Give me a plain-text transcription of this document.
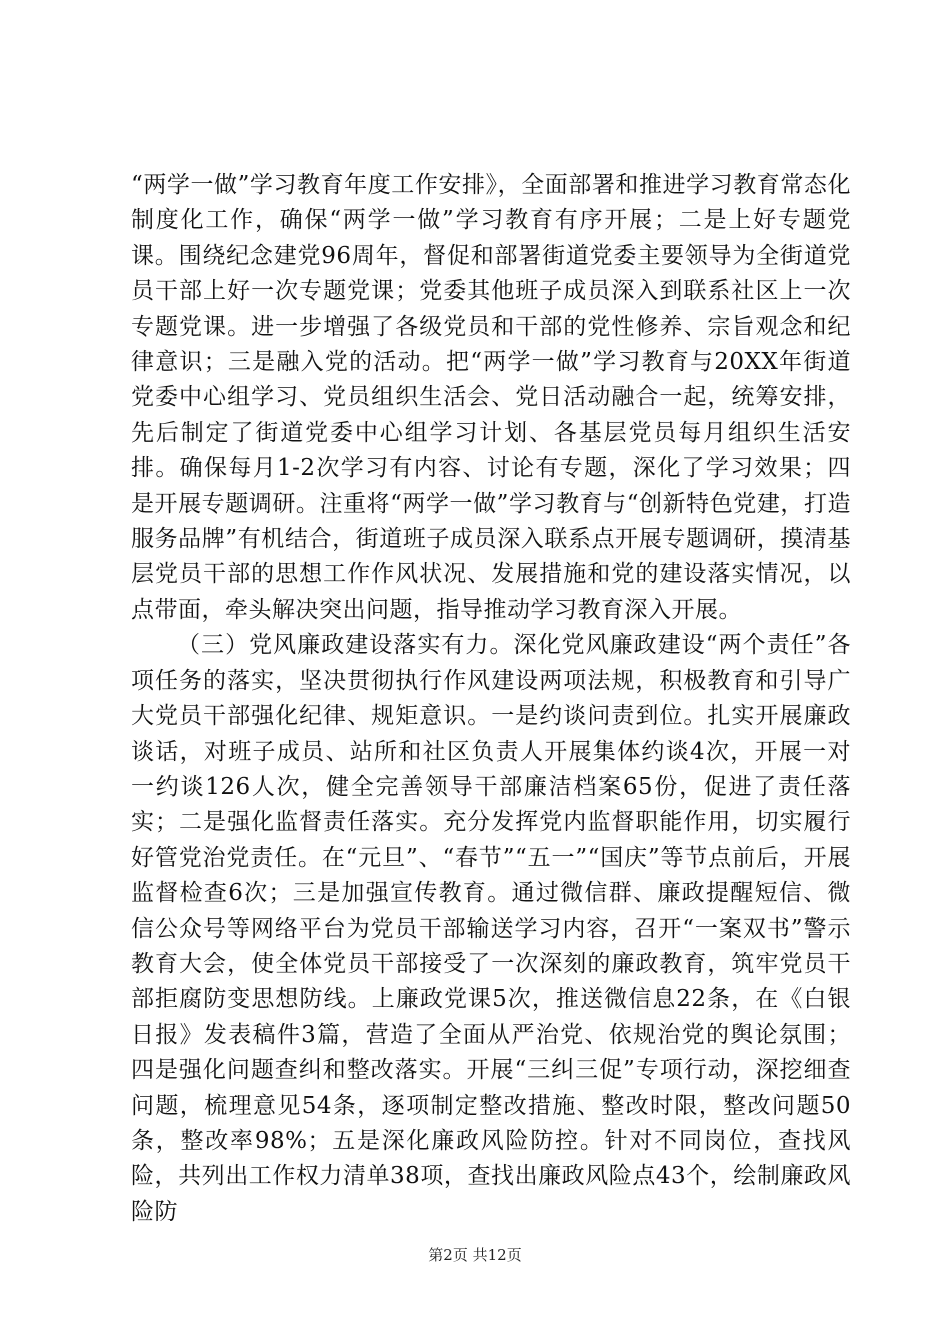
“两学一做”学习教育年度工作安排》，全面部署和推进学习教育常态化制度化工作，确保“两学一做”学习教育有序开展；二是上好专题党课。围绕纪念建党96周年，督促和部署街道党委主要领导为全街道党员干部上好一次专题党课；党委其他班子成员深入到联系社区上一次专题党课。进一步增强了各级党员和干部的党性修养、宗旨观念和纪律意识；三是融入党的活动。把“两学一做”学习教育与20XX年街道党委中心组学习、党员组织生活会、党日活动融合一起，统筹安排，先后制定了街道党委中心组学习计划、各基层党员每月组织生活安排。确保每月1-2次学习有内容、讨论有专题，深化了学习效果；四是开展专题调研。注重将“两学一做”学习教育与“创新特色党建，打造服务品牌”有机结合，街道班子成员深入联系点开展专题调研，摸清基层党员干部的思想工作作风状况、发展措施和党的建设落实情况，以点带面，牵头解决突出问题，指导推动学习教育深入开展。

（三）党风廉政建设落实有力。深化党风廉政建设“两个责任”各项任务的落实，坚决贯彻执行作风建设两项法规，积极教育和引导广大党员干部强化纪律、规矩意识。一是约谈问责到位。扎实开展廉政谈话，对班子成员、站所和社区负责人开展集体约谈4次，开展一对一约谈126人次，健全完善领导干部廉洁档案65份，促进了责任落实；二是强化监督责任落实。充分发挥党内监督职能作用，切实履行好管党治党责任。在“元旦”、“春节”“五一”“国庆”等节点前后，开展监督检查6次；三是加强宣传教育。通过微信群、廉政提醒短信、微信公众号等网络平台为党员干部输送学习内容，召开“一案双书”警示教育大会，使全体党员干部接受了一次深刻的廉政教育，筑牢党员干部拒腐防变思想防线。上廉政党课5次，推送微信息22条，在《白银日报》发表稿件3篇，营造了全面从严治党、依规治党的舆论氛围；四是强化问题查纠和整改落实。开展“三纠三促”专项行动，深挖细查问题，梳理意见54条，逐项制定整改措施、整改时限，整改问题50条，整改率98%；五是深化廉政风险防控。针对不同岗位，查找风险，共列出工作权力清单38项，查找出廉政风险点43个，绘制廉政风险防

第2页 共12页
